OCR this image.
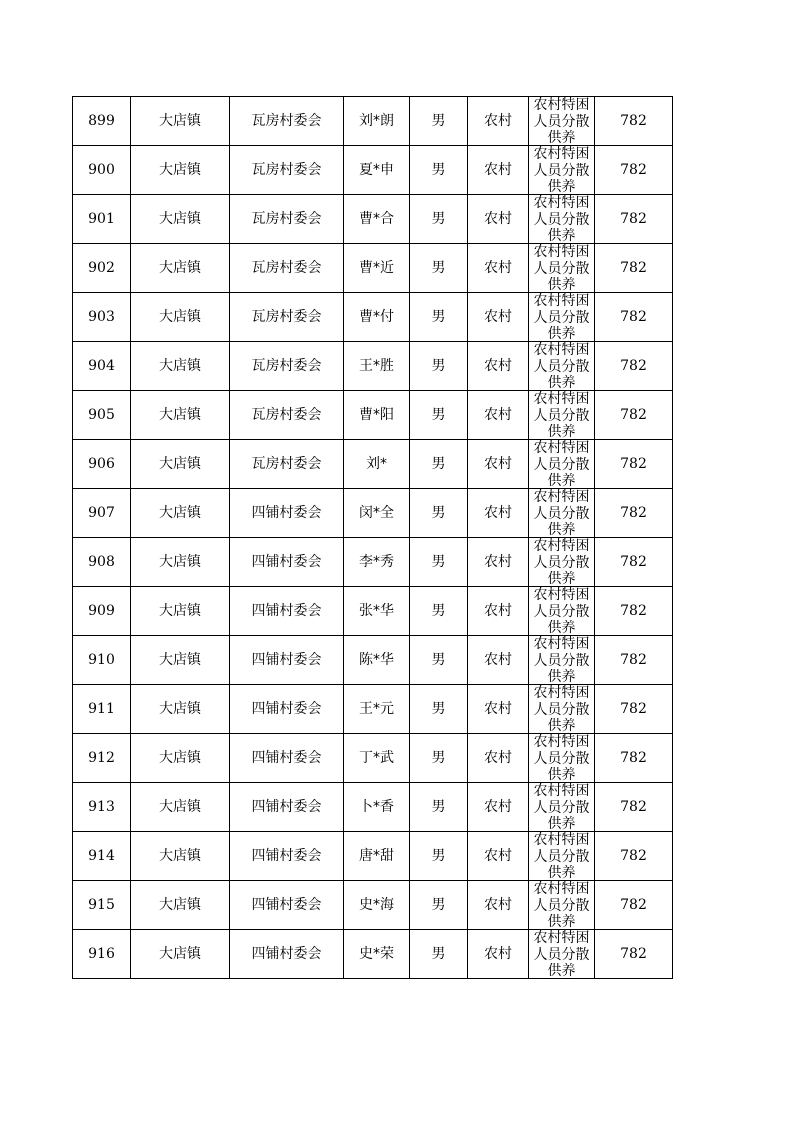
899	大店镇	瓦房村委会	刘*朗	男	农村	农村特困人员分散供养	782
900	大店镇	瓦房村委会	夏*申	男	农村	农村特困人员分散供养	782
901	大店镇	瓦房村委会	曹*合	男	农村	农村特困人员分散供养	782
902	大店镇	瓦房村委会	曹*近	男	农村	农村特困人员分散供养	782
903	大店镇	瓦房村委会	曹*付	男	农村	农村特困人员分散供养	782
904	大店镇	瓦房村委会	王*胜	男	农村	农村特困人员分散供养	782
905	大店镇	瓦房村委会	曹*阳	男	农村	农村特困人员分散供养	782
906	大店镇	瓦房村委会	刘*	男	农村	农村特困人员分散供养	782
907	大店镇	四铺村委会	闵*全	男	农村	农村特困人员分散供养	782
908	大店镇	四铺村委会	李*秀	男	农村	农村特困人员分散供养	782
909	大店镇	四铺村委会	张*华	男	农村	农村特困人员分散供养	782
910	大店镇	四铺村委会	陈*华	男	农村	农村特困人员分散供养	782
911	大店镇	四铺村委会	王*元	男	农村	农村特困人员分散供养	782
912	大店镇	四铺村委会	丁*武	男	农村	农村特困人员分散供养	782
913	大店镇	四铺村委会	卜*香	男	农村	农村特困人员分散供养	782
914	大店镇	四铺村委会	唐*甜	男	农村	农村特困人员分散供养	782
915	大店镇	四铺村委会	史*海	男	农村	农村特困人员分散供养	782
916	大店镇	四铺村委会	史*荣	男	农村	农村特困人员分散供养	782
